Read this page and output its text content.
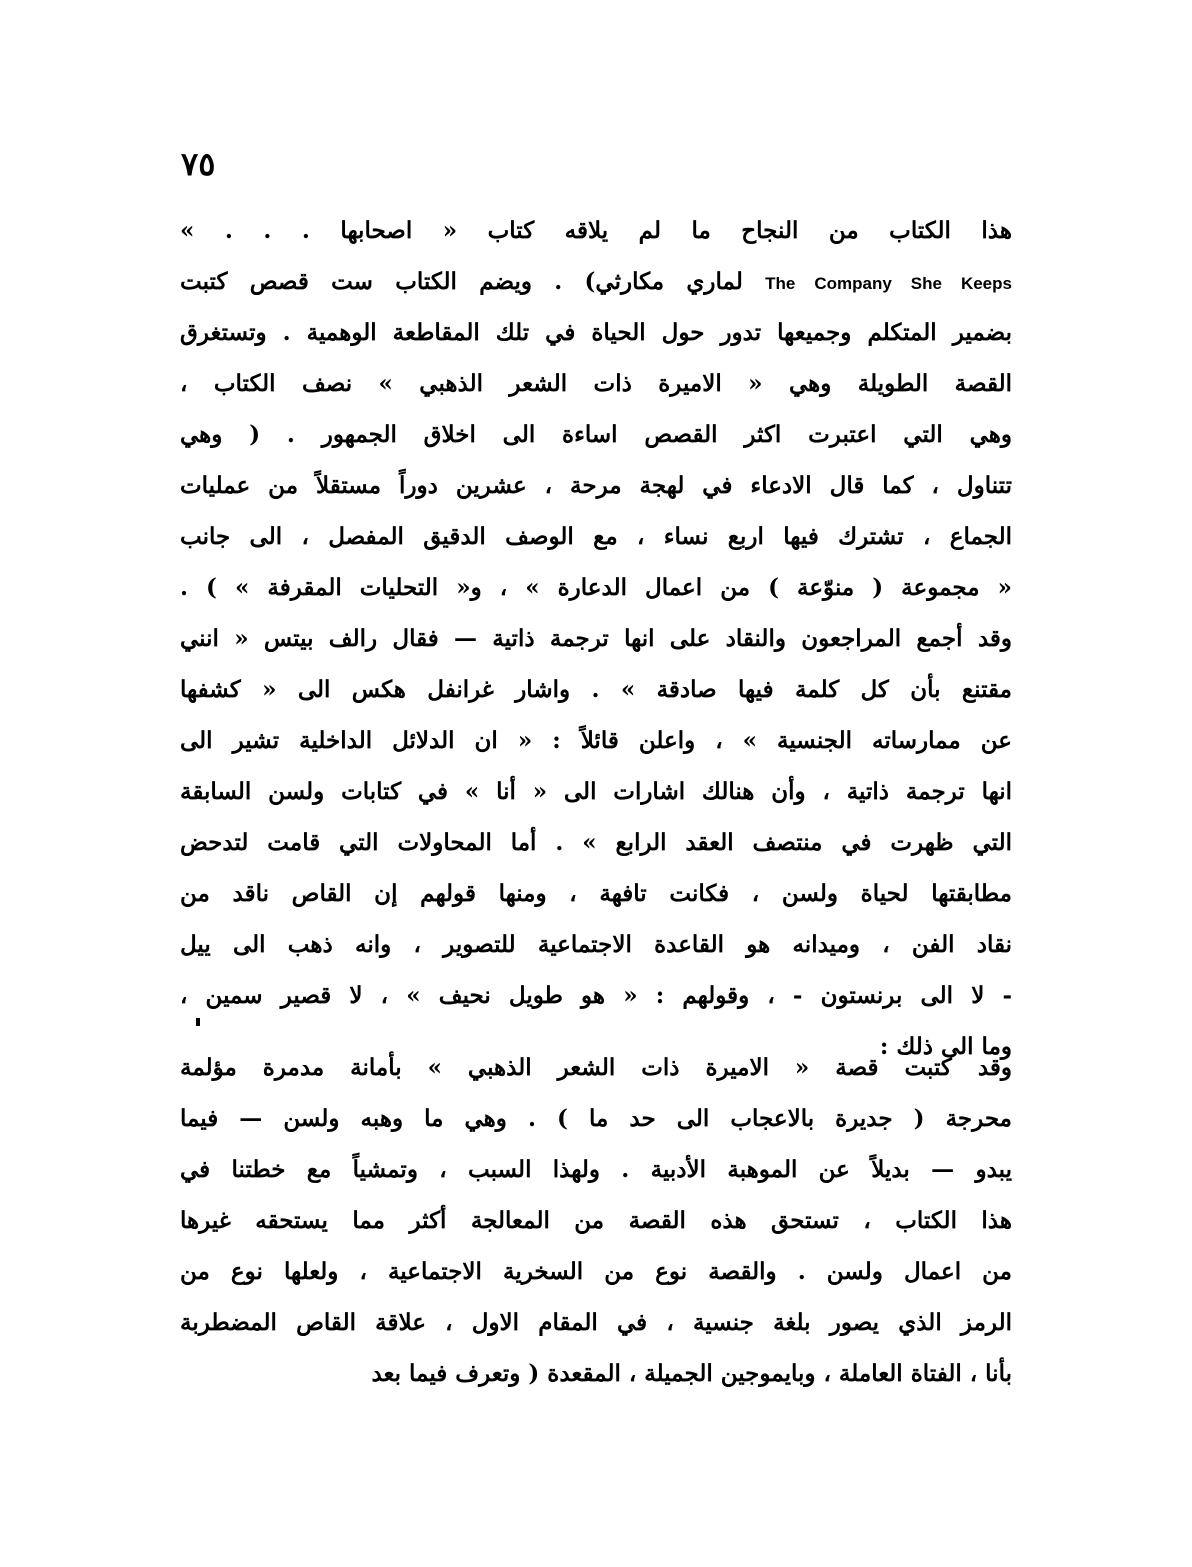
٧٥
هذا الكتاب من النجاح ما لم يلاقه كتاب « اصحابها . . . »
The Company She Keeps لماري مكارثي) . ويضم الكتاب ست قصص كتبت
بضمير المتكلم وجميعها تدور حول الحياة في تلك المقاطعة الوهمية . وتستغرق
القصة الطويلة وهي « الاميرة ذات الشعر الذهبي » نصف الكتاب ،
وهي التي اعتبرت اكثر القصص اساءة الى اخلاق الجمهور . ( وهي
تتناول ، كما قال الادعاء في لهجة مرحة ، عشرين دوراً مستقلاً من عمليات
الجماع ، تشترك فيها اربع نساء ، مع الوصف الدقيق المفصل ، الى جانب
« مجموعة ( منوّعة ) من اعمال الدعارة » ، و« التحليات المقرفة » ) .
وقد أجمع المراجعون والنقاد على انها ترجمة ذاتية — فقال رالف بيتس « انني
مقتنع بأن كل كلمة فيها صادقة » . واشار غرانفل هكس الى « كشفها
عن ممارساته الجنسية » ، واعلن قائلاً : « ان الدلائل الداخلية تشير الى
انها ترجمة ذاتية ، وأن هنالك اشارات الى « أنا » في كتابات ولسن السابقة
التي ظهرت في منتصف العقد الرابع » . أما المحاولات التي قامت لتدحض
مطابقتها لحياة ولسن ، فكانت تافهة ، ومنها قولهم إن القاص ناقد من
نقاد الفن ، وميدانه هو القاعدة الاجتماعية للتصوير ، وانه ذهب الى ييل
- لا الى برنستون - ، وقولهم : « هو طويل نحيف » ، لا قصير سمين ،
وما الى ذلك :
وقد كتبت قصة « الاميرة ذات الشعر الذهبي » بأمانة مدمرة مؤلمة
محرجة ( جديرة بالاعجاب الى حد ما ) . وهي ما وهبه ولسن — فيما
يبدو — بديلاً عن الموهبة الأدبية . ولهذا السبب ، وتمشياً مع خطتنا في
هذا الكتاب ، تستحق هذه القصة من المعالجة أكثر مما يستحقه غيرها
من اعمال ولسن . والقصة نوع من السخرية الاجتماعية ، ولعلها نوع من
الرمز الذي يصور بلغة جنسية ، في المقام الاول ، علاقة القاص المضطربة
بأنا ، الفتاة العاملة ، وبايموجين الجميلة ، المقعدة ( وتعرف فيما بعد
